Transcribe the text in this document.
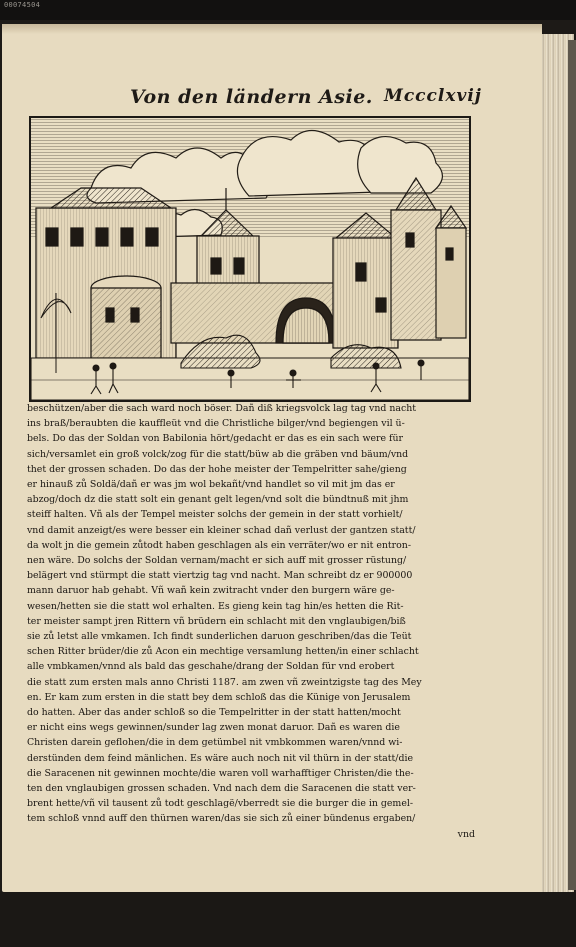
00074504
Von den ländern Asie. Mccclxvij
beschützen/aber die sach ward noch böser. Dañ diß kriegsvolck lag tag vnd nacht
ins braß/beraubten die kauffleüt vnd die Christliche bilger/vnd begiengen vil ü-
bels. Do das der Soldan von Babilonia hört/gedacht er das es ein sach were für
sich/versamlet ein groß volck/zog für die statt/büw ab die gräben vnd bäum/vnd
thet der grossen schaden. Do das der hohe meister der Tempelritter sahe/gieng
er hinauß zů Soldä/dañ er was jm wol bekañt/vnd handlet so vil mit jm das er
abzog/doch dz die statt solt ein genant gelt legen/vnd solt die bündtnuß mit jhm
steiff halten. Vñ als der Tempel meister solchs der gemein in der statt vorhielt/
vnd damit anzeigt/es were besser ein kleiner schad dañ verlust der gantzen statt/
da wolt jn die gemein zůtodt haben geschlagen als ein verräter/wo er nit entron-
nen wäre. Do solchs der Soldan vernam/macht er sich auff mit grosser rüstung/
belägert vnd stürmpt die statt viertzig tag vnd nacht. Man schreibt dz er 900000
mann daruor hab gehabt. Vñ wañ kein zwitracht vnder den burgern wäre ge-
wesen/hetten sie die statt wol erhalten. Es gieng kein tag hin/es hetten die Rit-
ter meister sampt jren Rittern vñ brüdern ein schlacht mit den vnglaubigen/biß
sie zů letst alle vmkamen. Ich findt sunderlichen daruon geschriben/das die Teüt
schen Ritter brüder/die zů Acon ein mechtige versamlung hetten/in einer schlacht
alle vmbkamen/vnnd als bald das geschahe/drang der Soldan für vnd erobert
die statt zum ersten mals anno Christi 1187. am zwen vñ zweintzigste tag des Mey
en. Er kam zum ersten in die statt bey dem schloß das die Künige von Jerusalem
do hatten. Aber das ander schloß so die Tempelritter in der statt hatten/mocht
er nicht eins wegs gewinnen/sunder lag zwen monat daruor. Dañ es waren die
Christen darein geflohen/die in dem getümbel nit vmbkommen waren/vnnd wi-
derstünden dem feind mänlichen. Es wäre auch noch nit vil thürn in der statt/die
die Saracenen nit gewinnen mochte/die waren voll warhafftiger Christen/die the-
ten den vnglaubigen grossen schaden. Vnd nach dem die Saracenen die statt ver-
brent hette/vñ vil tausent zů todt geschlagë/vberredt sie die burger die in gemel-
tem schloß vnnd auff den thürnen waren/das sie sich zů einer bündenus ergaben/
vnd
